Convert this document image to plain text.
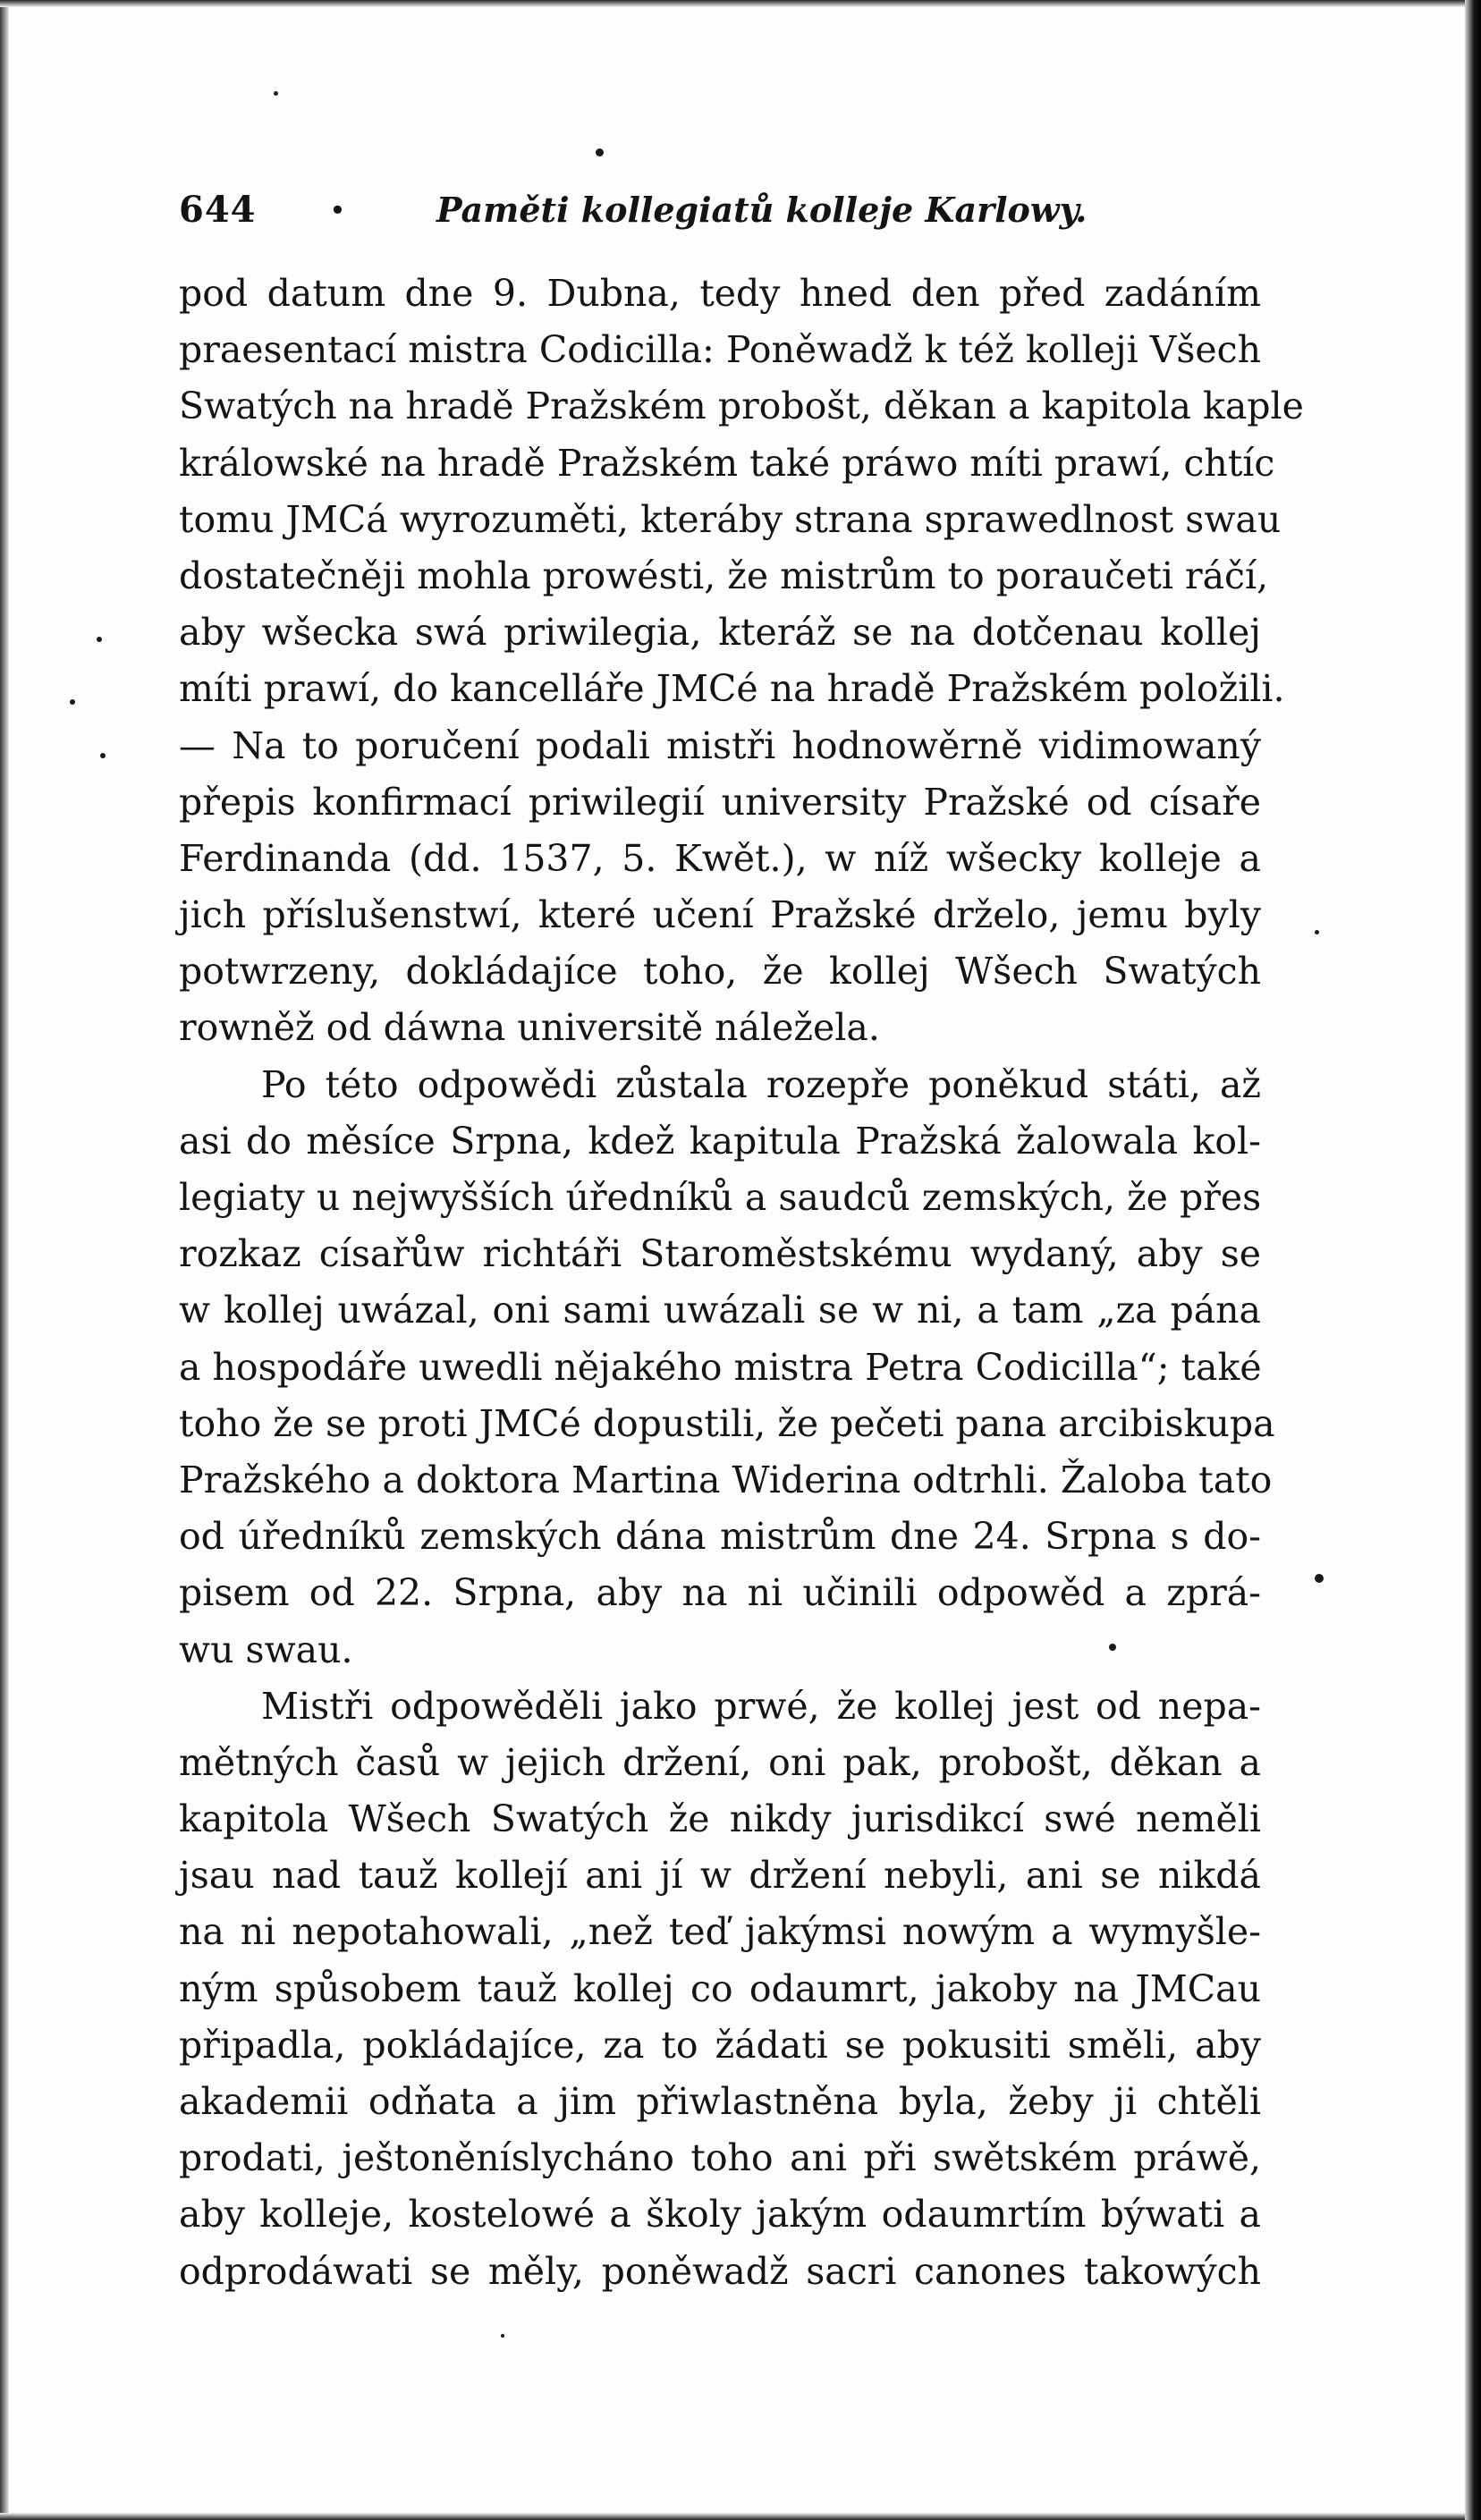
644	•	Paměti kollegiatů kolleje Karlowy.
pod datum dne 9. Dubna, tedy hned den před zadáním
praesentací mistra Codicilla: Poněwadž k též kolleji Všech
Swatých na hradě Pražském probošt, děkan a kapitola kaple
králowské na hradě Pražském také práwo míti prawí, chtíc
tomu JMCá wyrozuměti, kteráby strana sprawedlnost swau
dostatečněji mohla prowésti, že mistrům to poraučeti ráčí,
aby wšecka swá priwilegia, kteráž se na dotčenau kollej
míti prawí, do kancelláře JMCé na hradě Pražském položili.
— Na to poručení podali mistři hodnowěrně vidimowaný
přepis konfirmací priwilegií university Pražské od císaře
Ferdinanda (dd. 1537, 5. Kwět.), w níž wšecky kolleje a
jich příslušenstwí, které učení Pražské drželo, jemu byly
potwrzeny, dokládajíce toho, že kollej Wšech Swatých
rowněž od dáwna universitě náležela.
Po této odpowědi zůstala rozepře poněkud státi, až
asi do měsíce Srpna, kdež kapitula Pražská žalowala kol-
legiaty u nejwyšších úředníků a saudců zemských, že přes
rozkaz císařůw richtáři Staroměstskému wydaný, aby se
w kollej uwázal, oni sami uwázali se w ni, a tam „za pána
a hospodáře uwedli nějakého mistra Petra Codicilla“; také
toho že se proti JMCé dopustili, že pečeti pana arcibiskupa
Pražského a doktora Martina Widerina odtrhli. Žaloba tato
od úředníků zemských dána mistrům dne 24. Srpna s do-
pisem od 22. Srpna, aby na ni učinili odpowěd a zprá-
wu swau.
Mistři odpowěděli jako prwé, že kollej jest od nepa-
mětných časů w jejich držení, oni pak, probošt, děkan a
kapitola Wšech Swatých že nikdy jurisdikcí swé neměli
jsau nad tauž kollejí ani jí w držení nebyli, ani se nikdá
na ni nepotahowali, „než teď jakýmsi nowým a wymyšle-
ným spůsobem tauž kollej co odaumrt, jakoby na JMCau
připadla, pokládajíce, za to žádati se pokusiti směli, aby
akademii odňata a jim přiwlastněna byla, žeby ji chtěli
prodati, ještoněníslycháno toho ani při swětském práwě,
aby kolleje, kostelowé a školy jakým odaumrtím býwati a
odprodáwati se měly, poněwadž sacri canones takowých
